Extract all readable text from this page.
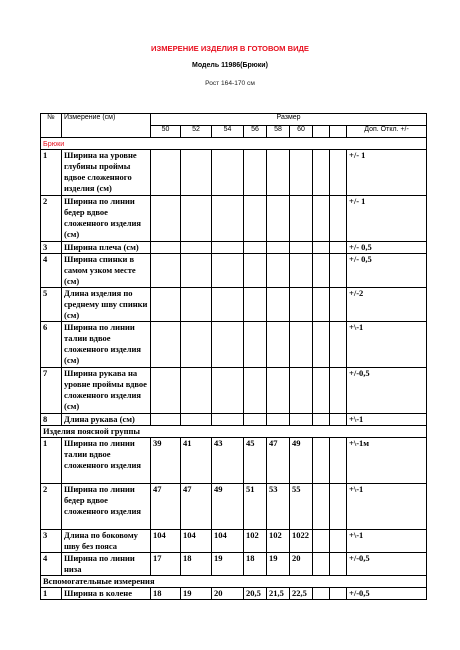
ИЗМЕРЕНИЕ ИЗДЕЛИЯ В ГОТОВОМ ВИДЕ
Модель 11986(Брюки)
Рост 164-170 см
№	Измерение (см)	Размер								
		50	52	54	56	58	60			Доп. Откл. +/-
Брюки										
1	Ширина на уровне глубины проймы вдвое сложенного изделия (см)									+/- 1
2	Ширина по линии бедер вдвое сложенного изделия (см)									+/- 1
3	Ширина плеча (см)									+/- 0,5
4	Ширина спинки в самом узком месте (см)									+/- 0,5
5	Длина изделия по среднему шву спинки (см)									+/-2
6	Ширина по линии талии вдвое сложенного изделия (см)									+\-1
7	Ширина рукава на уровне проймы вдвое сложенного изделия (см)									+/-0,5
8	Длина рукава (см)									+\-1
Изделия поясной группы										
1	Ширина по линии талии вдвое сложенного изделия	39	41	43	45	47	49			+\-1м
2	Ширина по линии бедер вдвое сложенного изделия	47	47	49	51	53	55			+\-1
3	Длина по боковому шву без пояса	104	104	104	102	102	1022			+\-1
4	Ширина по линии низа	17	18	19	18	19	20			+/-0,5
Вспомогательные измерения										
1	Ширина в колене	18	19	20	20,5	21,5	22,5			+/-0,5
